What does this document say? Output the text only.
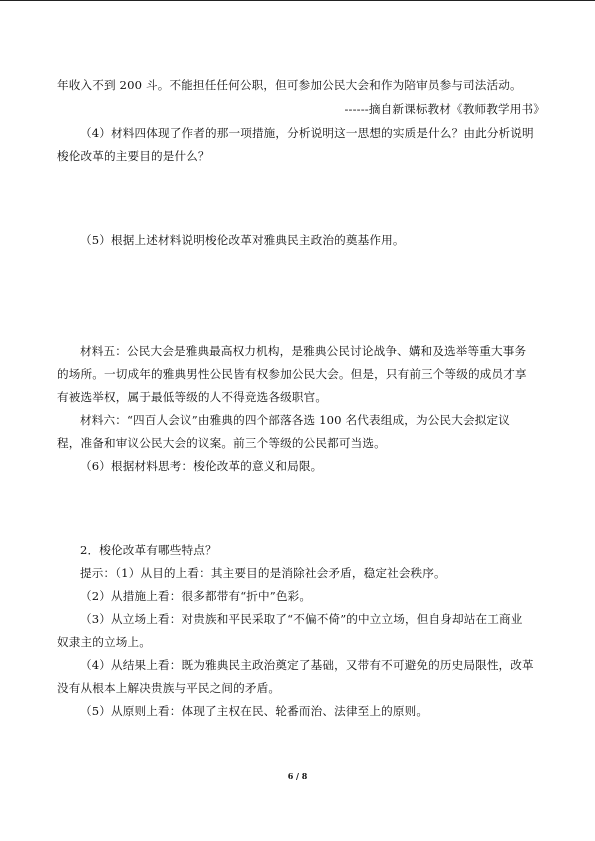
年收入不到 200 斗。不能担任任何公职，但可参加公民大会和作为陪审员参与司法活动。
------摘自新课标教材《教师教学用书》
（4）材料四体现了作者的那一项措施，分析说明这一思想的实质是什么？由此分析说明
梭伦改革的主要目的是什么？
（5）根据上述材料说明梭伦改革对雅典民主政治的奠基作用。
材料五：公民大会是雅典最高权力机构，是雅典公民讨论战争、媾和及选举等重大事务
的场所。一切成年的雅典男性公民皆有权参加公民大会。但是，只有前三个等级的成员才享
有被选举权，属于最低等级的人不得竞选各级职官。
材料六：“四百人会议”由雅典的四个部落各选 100 名代表组成，为公民大会拟定议
程，准备和审议公民大会的议案。前三个等级的公民都可当选。
（6）根据材料思考：梭伦改革的意义和局限。
2．梭伦改革有哪些特点？
提示：（1）从目的上看：其主要目的是消除社会矛盾，稳定社会秩序。
（2）从措施上看：很多都带有“折中”色彩。
（3）从立场上看：对贵族和平民采取了“不偏不倚”的中立立场，但自身却站在工商业
奴隶主的立场上。
（4）从结果上看：既为雅典民主政治奠定了基础，又带有不可避免的历史局限性，改革
没有从根本上解决贵族与平民之间的矛盾。
（5）从原则上看：体现了主权在民、轮番而治、法律至上的原则。
6 / 8
